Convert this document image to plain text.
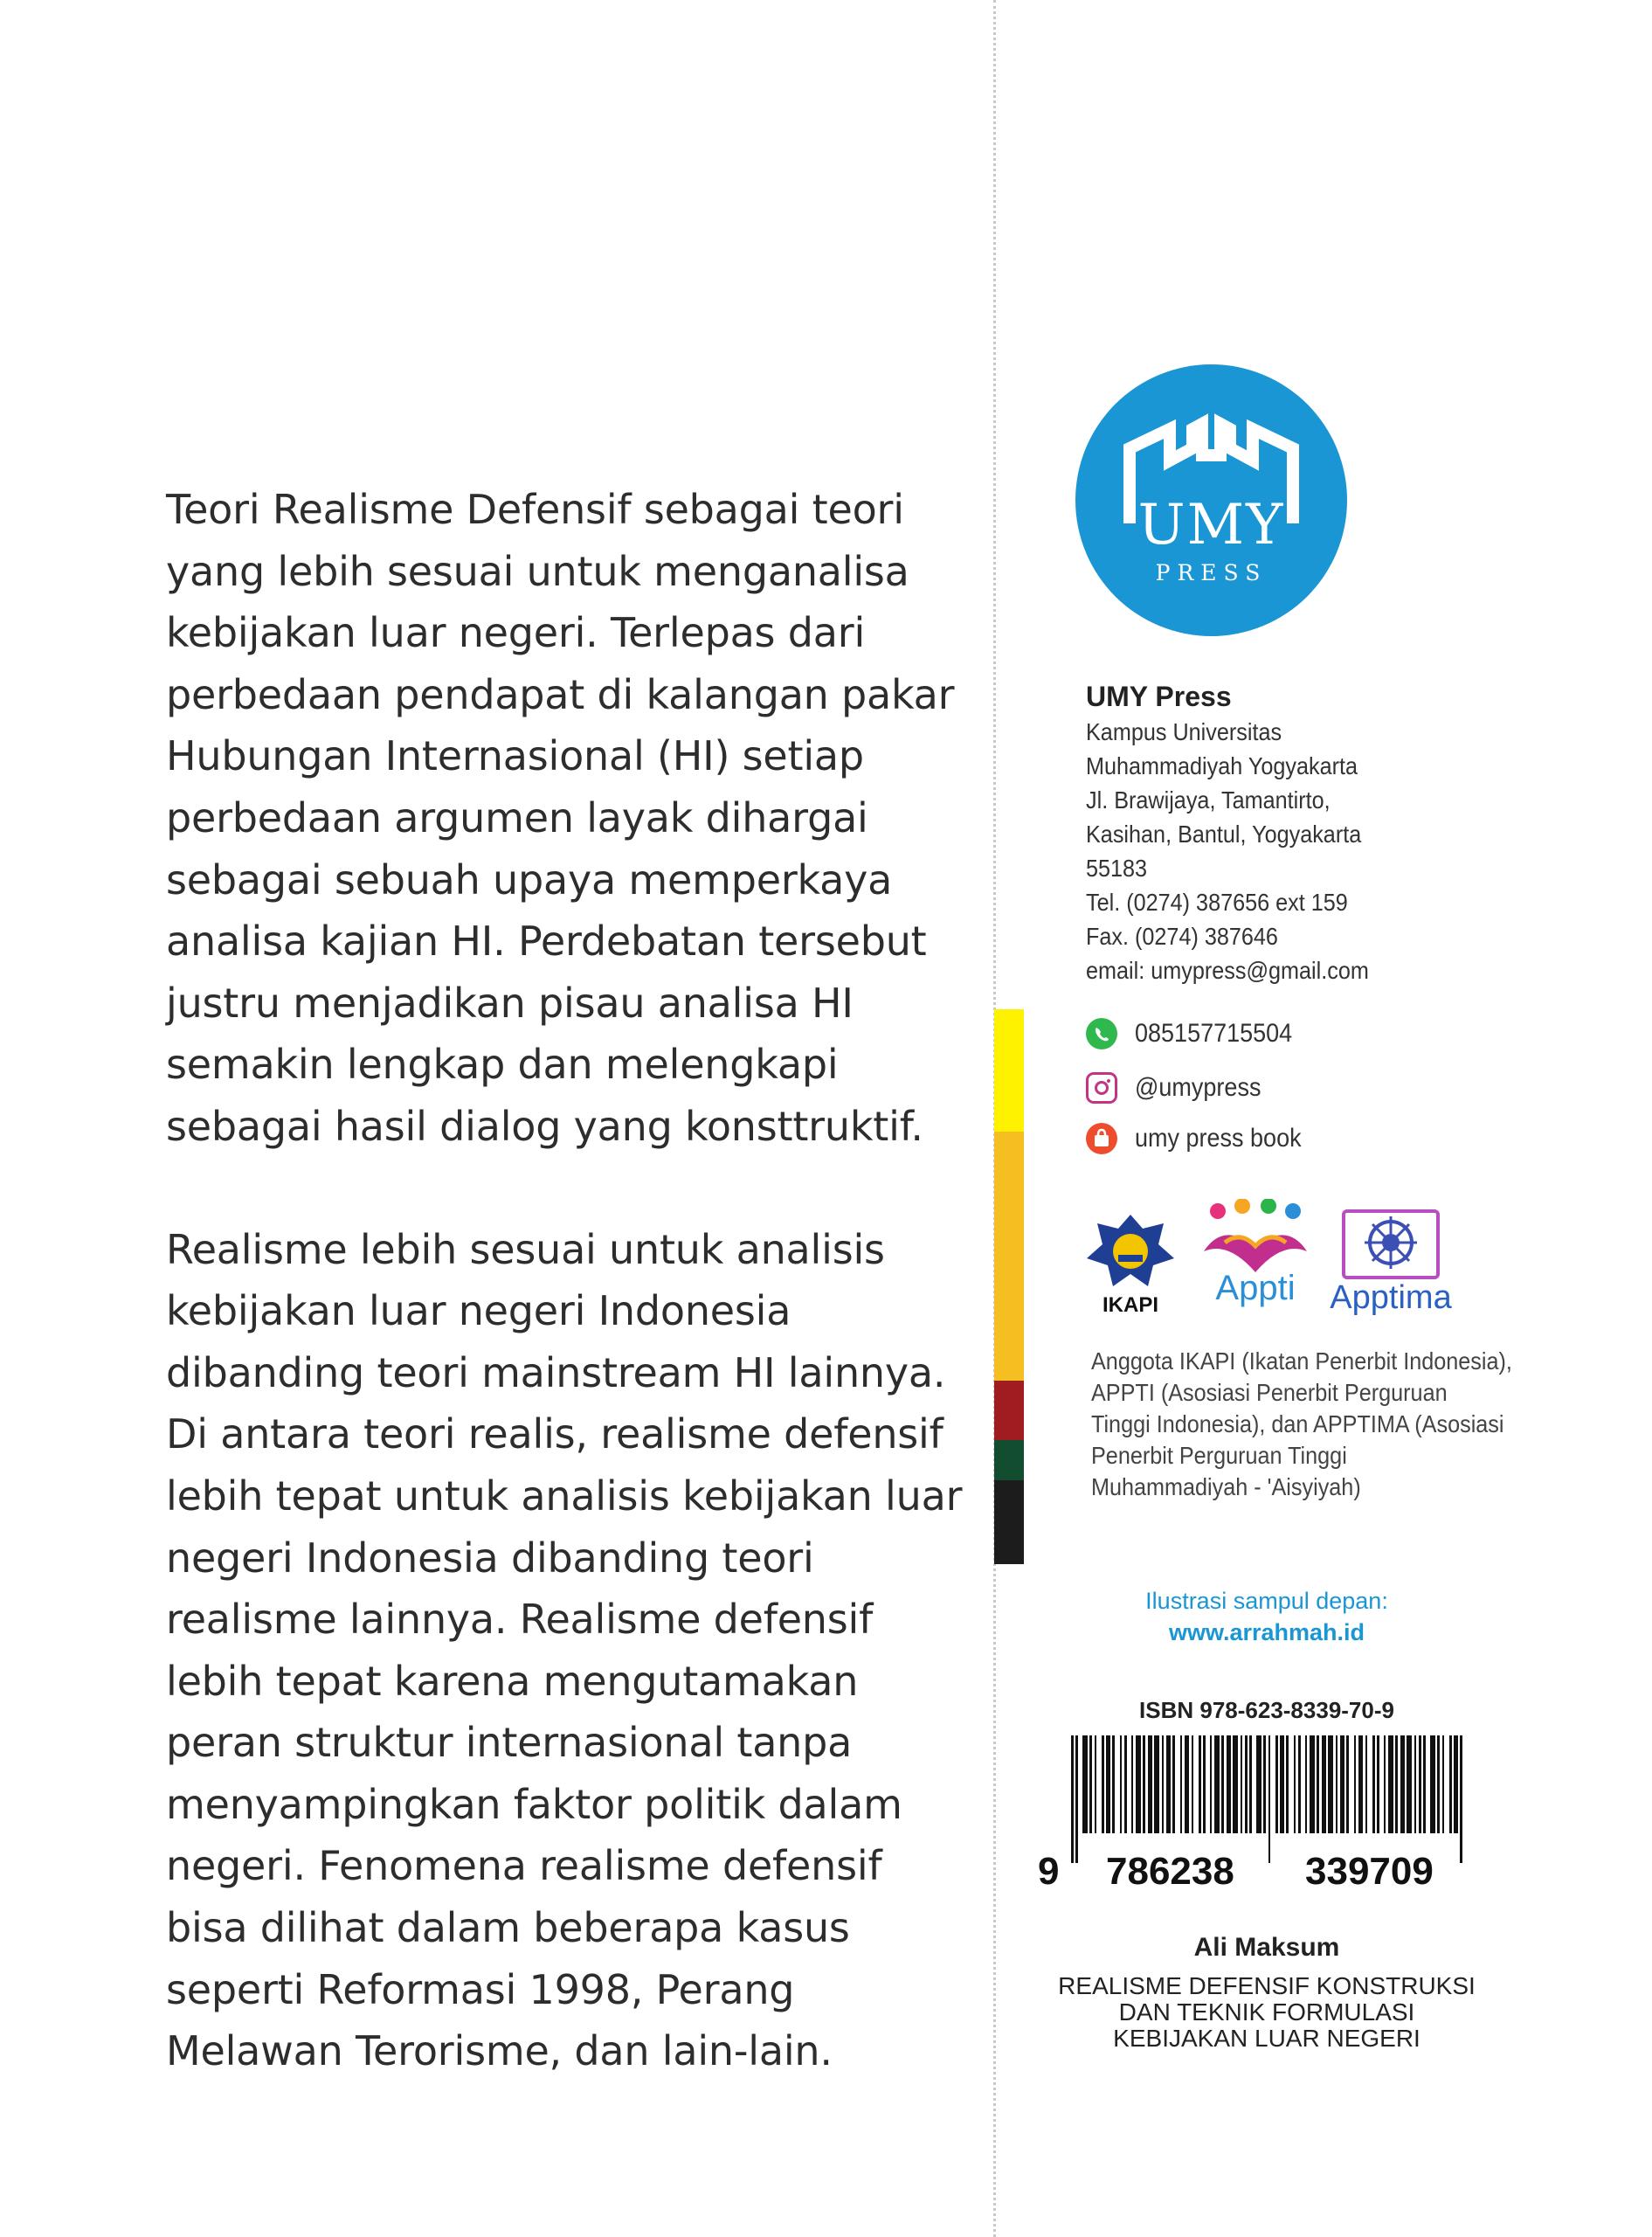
Teori Realisme Defensif sebagai teori
yang lebih sesuai untuk menganalisa
kebijakan luar negeri. Terlepas dari
perbedaan pendapat di kalangan pakar
Hubungan Internasional (HI) setiap
perbedaan argumen layak dihargai
sebagai sebuah upaya memperkaya
analisa kajian HI. Perdebatan tersebut
justru menjadikan pisau analisa HI
semakin lengkap dan melengkapi
sebagai hasil dialog yang konsttruktif.

Realisme lebih sesuai untuk analisis
kebijakan luar negeri Indonesia
dibanding teori mainstream HI lainnya.
Di antara teori realis, realisme defensif
lebih tepat untuk analisis kebijakan luar
negeri Indonesia dibanding teori
realisme lainnya. Realisme defensif
lebih tepat karena mengutamakan
peran struktur internasional tanpa
menyampingkan faktor politik dalam
negeri. Fenomena realisme defensif
bisa dilihat dalam beberapa kasus
seperti Reformasi 1998, Perang
Melawan Terorisme, dan lain-lain.

UMY
PRESS
UMY Press
Kampus Universitas
Muhammadiyah Yogyakarta
Jl. Brawijaya, Tamantirto,
Kasihan, Bantul, Yogyakarta
55183
Tel. (0274) 387656 ext 159
Fax. (0274) 387646
email: umypress@gmail.com
085157715504
@umypress
umy press book
IKAPI	Appti	Apptima
Anggota IKAPI (Ikatan Penerbit Indonesia),
APPTI (Asosiasi Penerbit Perguruan
Tinggi Indonesia), dan APPTIMA (Asosiasi
Penerbit Perguruan Tinggi
Muhammadiyah - 'Aisyiyah)
Ilustrasi sampul depan:
www.arrahmah.id
ISBN 978-623-8339-70-9
9 786238 339709
Ali Maksum
REALISME DEFENSIF KONSTRUKSI
DAN TEKNIK FORMULASI
KEBIJAKAN LUAR NEGERI
